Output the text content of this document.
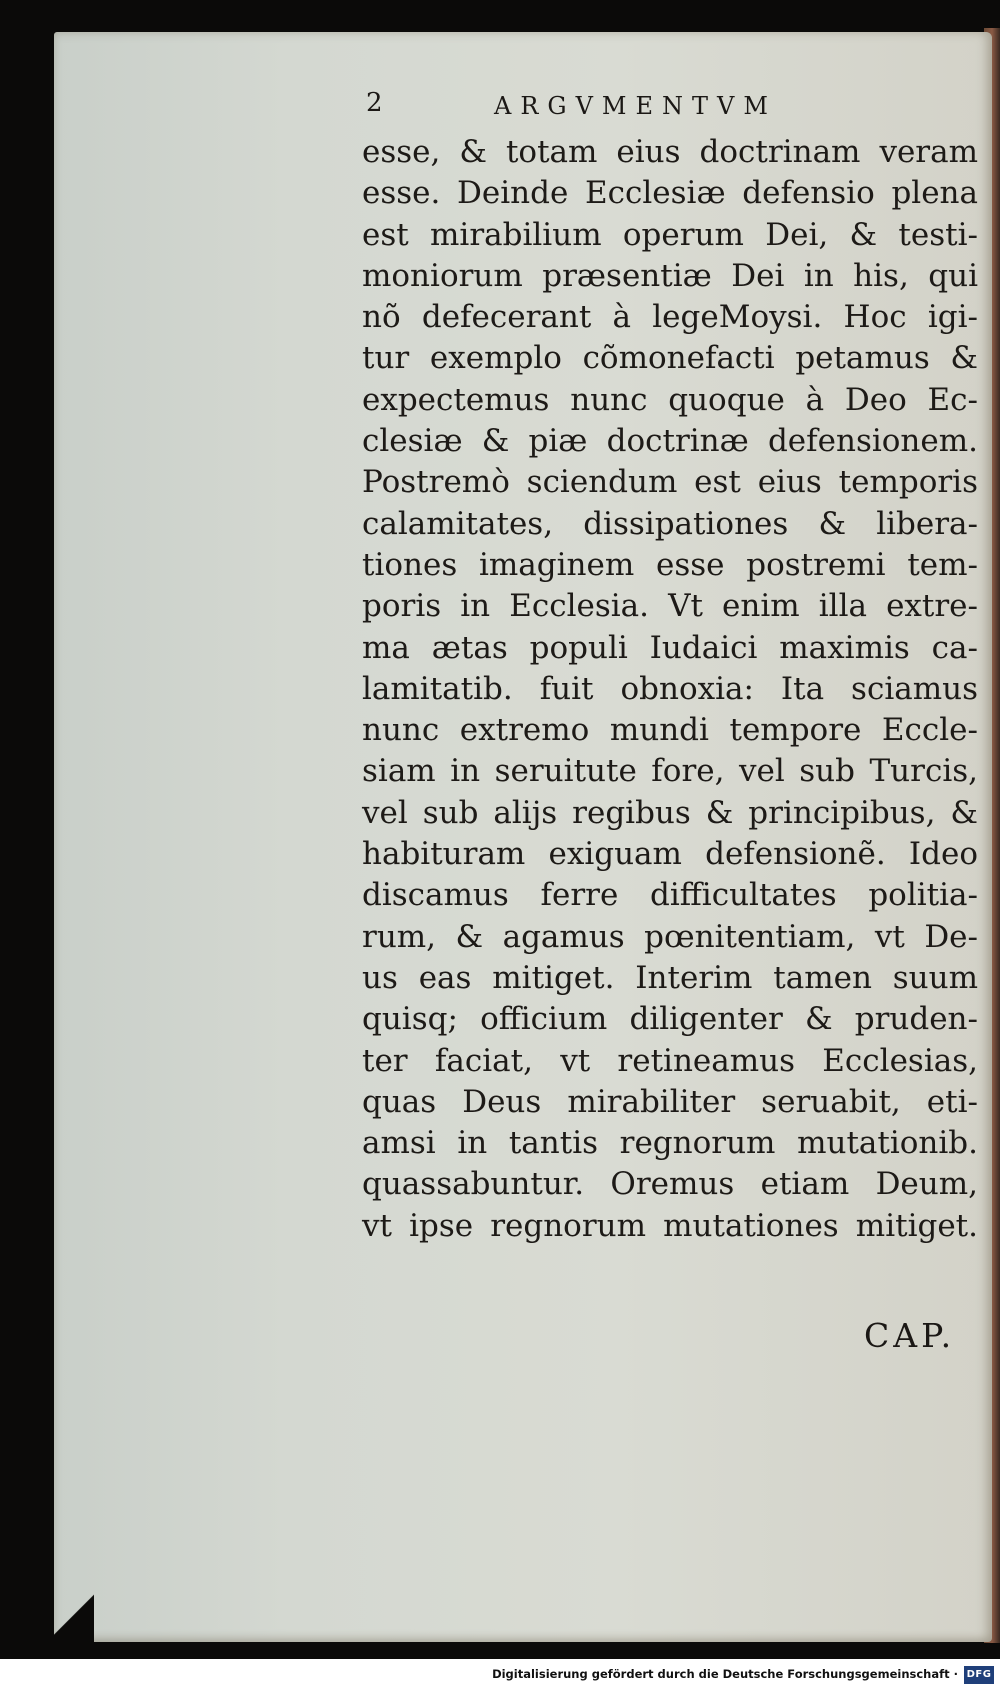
2	ARGVMENTVM
esse, & totam eius doctrinam veram
esse. Deinde Ecclesiæ defensio plena
est mirabilium operum Dei, & testi-
moniorum præsentiæ Dei in his, qui
nõ defecerant à legeMoysi. Hoc igi-
tur exemplo cõmonefacti petamus &
expectemus nunc quoque à Deo Ec-
clesiæ & piæ doctrinæ defensionem.
Postremò sciendum est eius temporis
calamitates, dissipationes & libera-
tiones imaginem esse postremi tem-
poris in Ecclesia. Vt enim illa extre-
ma ætas populi Iudaici maximis ca-
lamitatib. fuit obnoxia: Ita sciamus
nunc extremo mundi tempore Eccle-
siam in seruitute fore, vel sub Turcis,
vel sub alijs regibus & principibus, &
habituram exiguam defensionẽ. Ideo
discamus ferre difficultates politia-
rum, & agamus pœnitentiam, vt De-
us eas mitiget. Interim tamen suum
quisq; officium diligenter & pruden-
ter faciat, vt retineamus Ecclesias,
quas Deus mirabiliter seruabit, eti-
amsi in tantis regnorum mutationib.
quassabuntur. Oremus etiam Deum,
vt ipse regnorum mutationes mitiget.
CAP.
Digitalisierung gefördert durch die Deutsche Forschungsgemeinschaft · DFG
